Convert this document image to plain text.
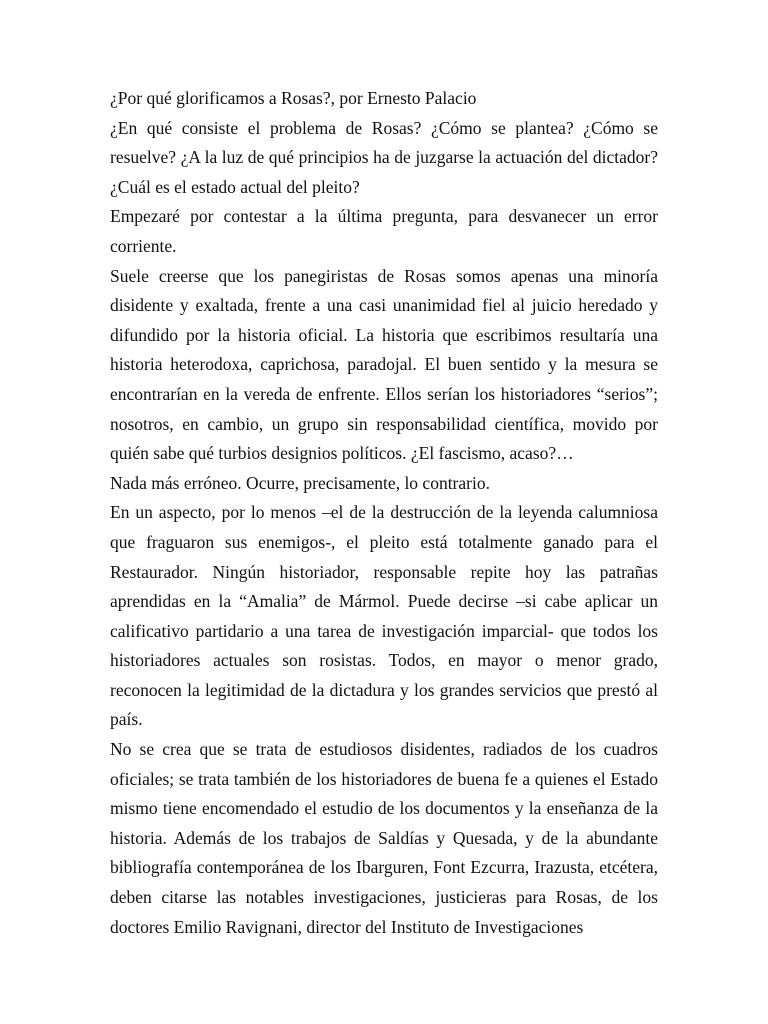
¿Por qué glorificamos a Rosas?, por Ernesto Palacio

¿En qué consiste el problema de Rosas? ¿Cómo se plantea? ¿Cómo se resuelve? ¿A la luz de qué principios ha de juzgarse la actuación del dictador? ¿Cuál es el estado actual del pleito?

Empezaré por contestar a la última pregunta, para desvanecer un error corriente.

Suele creerse que los panegiristas de Rosas somos apenas una minoría disidente y exaltada, frente a una casi unanimidad fiel al juicio heredado y difundido por la historia oficial. La historia que escribimos resultaría una historia heterodoxa, caprichosa, paradojal. El buen sentido y la mesura se encontrarían en la vereda de enfrente. Ellos serían los historiadores “serios”; nosotros, en cambio, un grupo sin responsabilidad científica, movido por quién sabe qué turbios designios políticos. ¿El fascismo, acaso?…

Nada más erróneo. Ocurre, precisamente, lo contrario.

En un aspecto, por lo menos –el de la destrucción de la leyenda calumniosa que fraguaron sus enemigos-, el pleito está totalmente ganado para el Restaurador. Ningún historiador, responsable repite hoy las patrañas aprendidas en la “Amalia” de Mármol. Puede decirse –si cabe aplicar un calificativo partidario a una tarea de investigación imparcial- que todos los historiadores actuales son rosistas. Todos, en mayor o menor grado, reconocen la legitimidad de la dictadura y los grandes servicios que prestó al país.

No se crea que se trata de estudiosos disidentes, radiados de los cuadros oficiales; se trata también de los historiadores de buena fe a quienes el Estado mismo tiene encomendado el estudio de los documentos y la enseñanza de la historia. Además de los trabajos de Saldías y Quesada, y de la abundante bibliografía contemporánea de los Ibarguren, Font Ezcurra, Irazusta, etcétera, deben citarse las notables investigaciones, justicieras para Rosas, de los doctores Emilio Ravignani, director del Instituto de Investigaciones
